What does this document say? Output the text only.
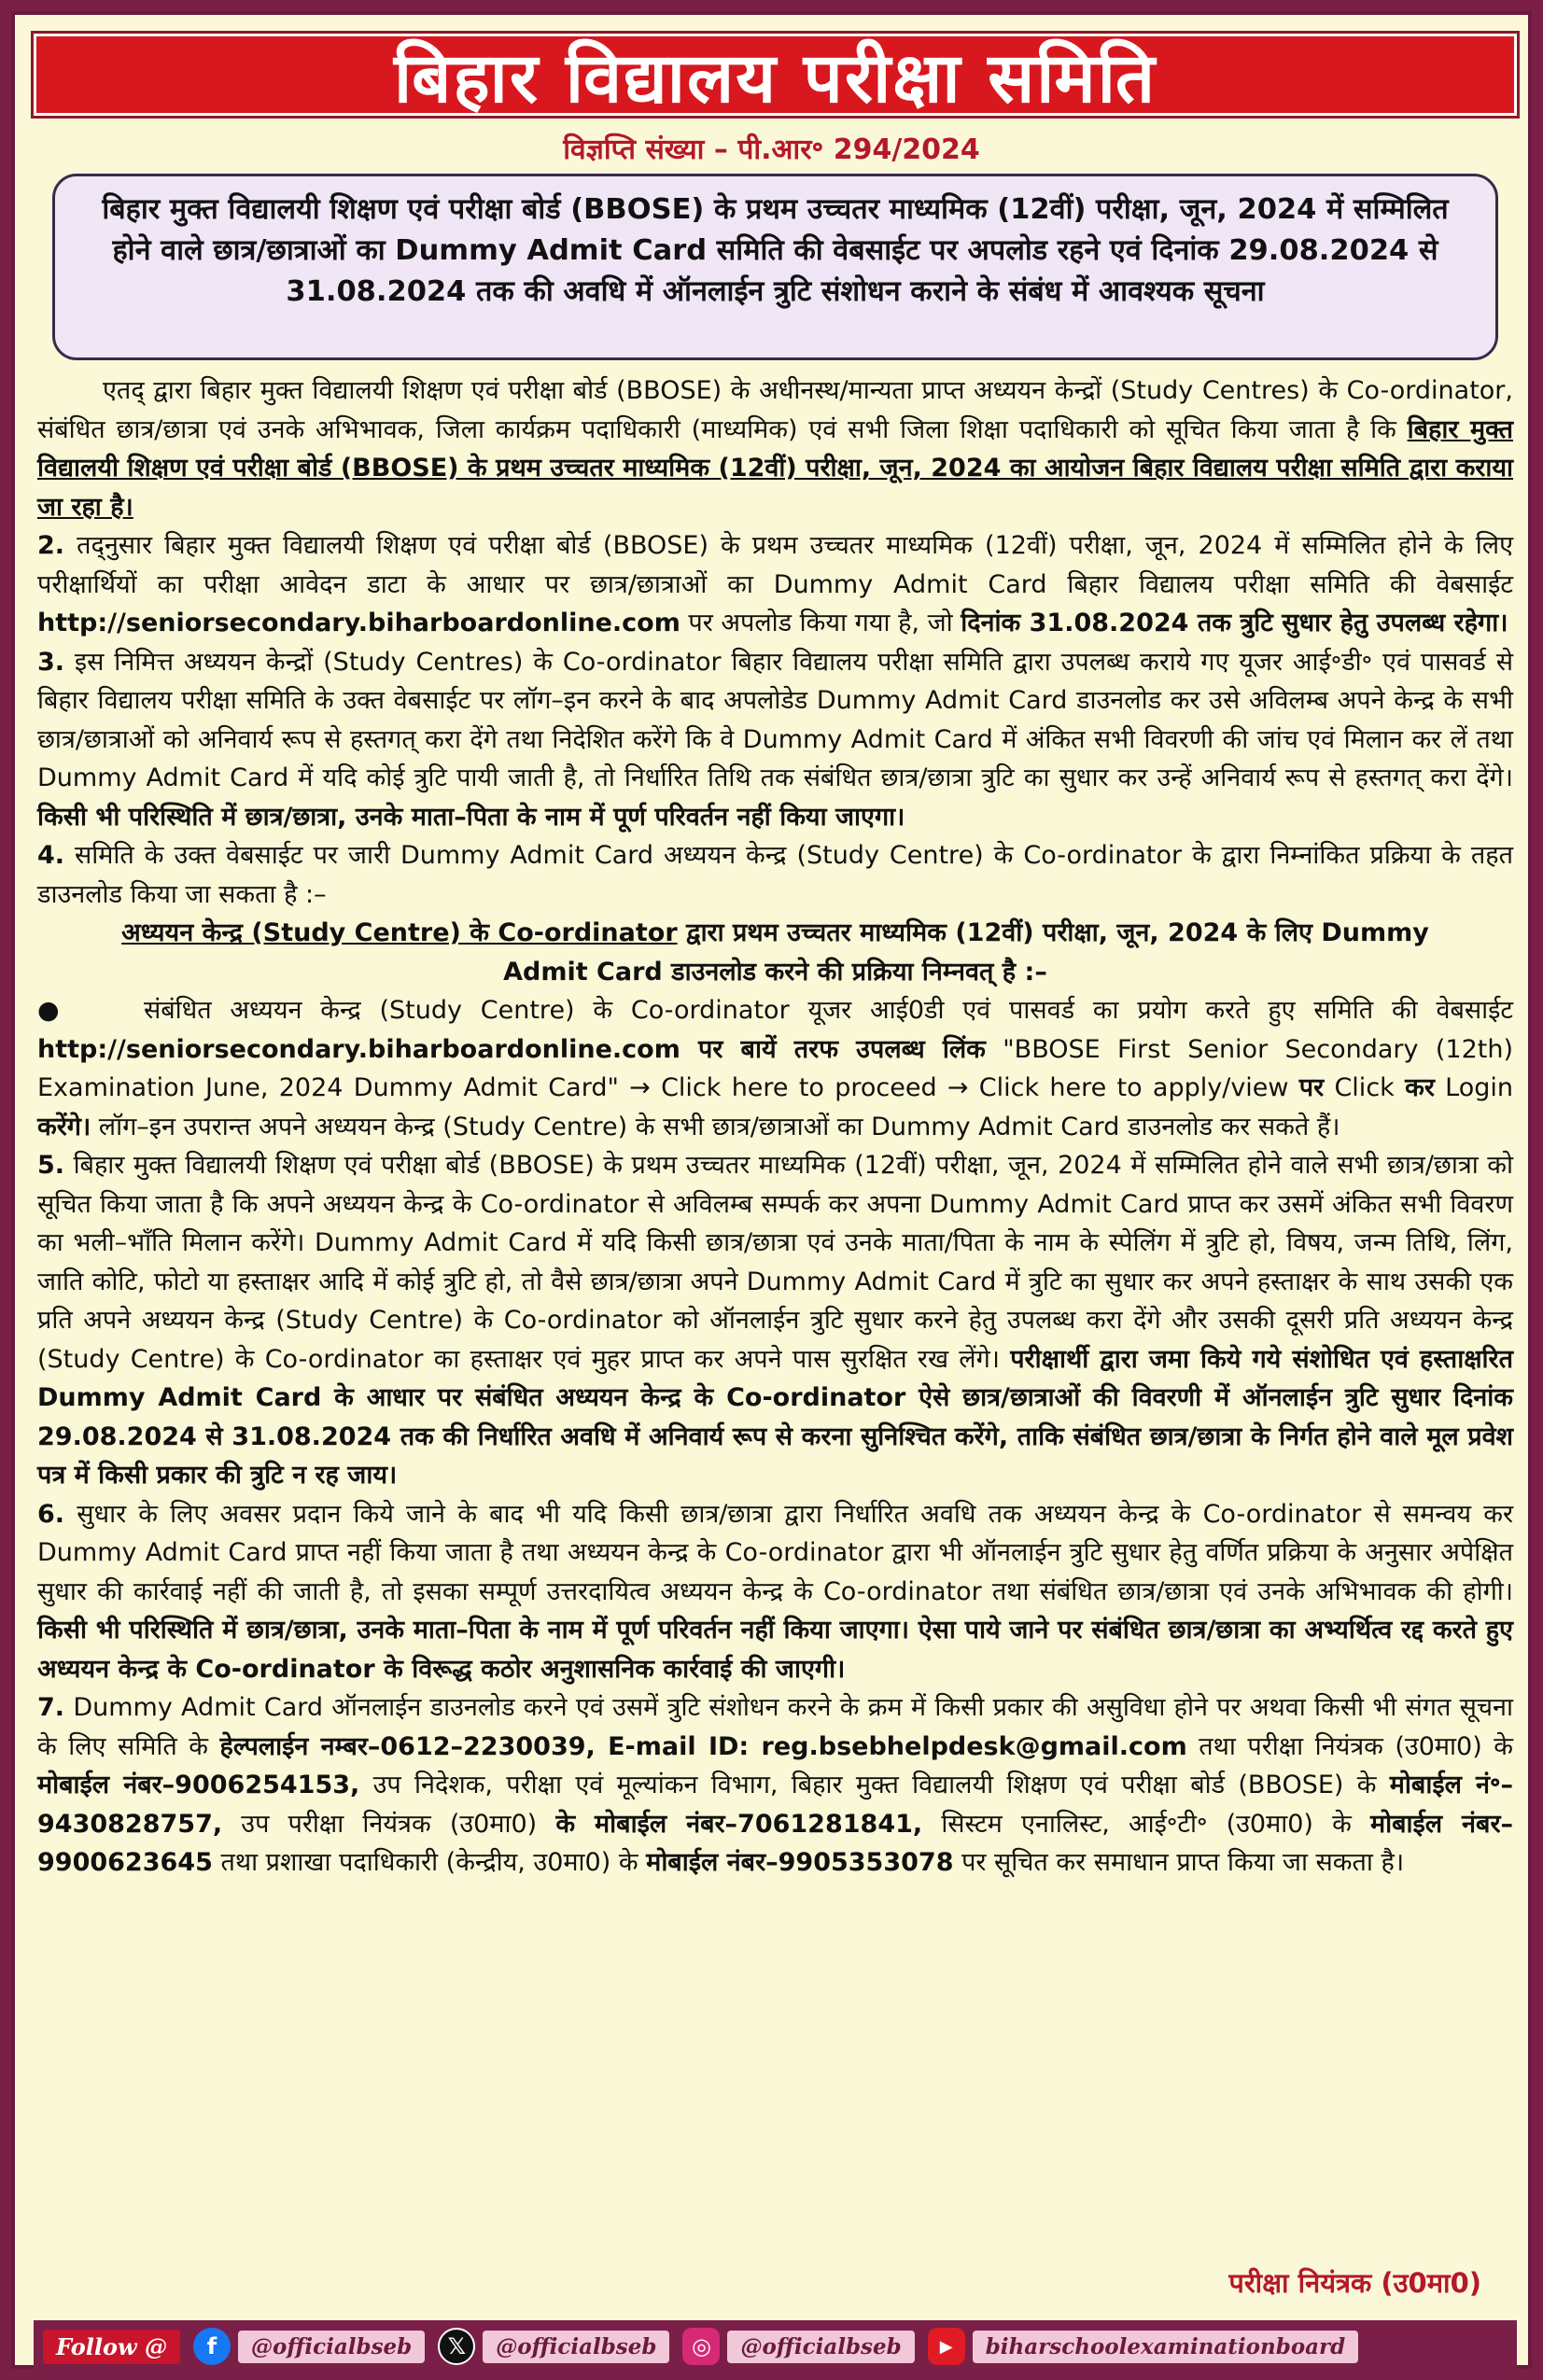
बिहार विद्यालय परीक्षा समिति
विज्ञप्ति संख्या – पी.आर॰ 294/2024
बिहार मुक्त विद्यालयी शिक्षण एवं परीक्षा बोर्ड (BBOSE) के प्रथम उच्चतर माध्यमिक (12वीं) परीक्षा, जून, 2024 में सम्मिलित होने वाले छात्र/छात्राओं का Dummy Admit Card समिति की वेबसाईट पर अपलोड रहने एवं दिनांक 29.08.2024 से 31.08.2024 तक की अवधि में ऑनलाईन त्रुटि संशोधन कराने के संबंध में आवश्यक सूचना

एतद् द्वारा बिहार मुक्त विद्यालयी शिक्षण एवं परीक्षा बोर्ड (BBOSE) के अधीनस्थ/मान्यता प्राप्त अध्ययन केन्द्रों (Study Centres) के Co-ordinator, संबंधित छात्र/छात्रा एवं उनके अभिभावक, जिला कार्यक्रम पदाधिकारी (माध्यमिक) एवं सभी जिला शिक्षा पदाधिकारी को सूचित किया जाता है कि बिहार मुक्त विद्यालयी शिक्षण एवं परीक्षा बोर्ड (BBOSE) के प्रथम उच्चतर माध्यमिक (12वीं) परीक्षा, जून, 2024 का आयोजन बिहार विद्यालय परीक्षा समिति द्वारा कराया जा रहा है।

2. तद्नुसार बिहार मुक्त विद्यालयी शिक्षण एवं परीक्षा बोर्ड (BBOSE) के प्रथम उच्चतर माध्यमिक (12वीं) परीक्षा, जून, 2024 में सम्मिलित होने के लिए परीक्षार्थियों का परीक्षा आवेदन डाटा के आधार पर छात्र/छात्राओं का Dummy Admit Card बिहार विद्यालय परीक्षा समिति की वेबसाईट http://seniorsecondary.biharboardonline.com पर अपलोड किया गया है, जो दिनांक 31.08.2024 तक त्रुटि सुधार हेतु उपलब्ध रहेगा।

3. इस निमित्त अध्ययन केन्द्रों (Study Centres) के Co-ordinator बिहार विद्यालय परीक्षा समिति द्वारा उपलब्ध कराये गए यूजर आई॰डी॰ एवं पासवर्ड से बिहार विद्यालय परीक्षा समिति के उक्त वेबसाईट पर लॉग–इन करने के बाद अपलोडेड Dummy Admit Card डाउनलोड कर उसे अविलम्ब अपने केन्द्र के सभी छात्र/छात्राओं को अनिवार्य रूप से हस्तगत् करा देंगे तथा निदेशित करेंगे कि वे Dummy Admit Card में अंकित सभी विवरणी की जांच एवं मिलान कर लें तथा Dummy Admit Card में यदि कोई त्रुटि पायी जाती है, तो निर्धारित तिथि तक संबंधित छात्र/छात्रा त्रुटि का सुधार कर उन्हें अनिवार्य रूप से हस्तगत् करा देंगे। किसी भी परिस्थिति में छात्र/छात्रा, उनके माता–पिता के नाम में पूर्ण परिवर्तन नहीं किया जाएगा।

4. समिति के उक्त वेबसाईट पर जारी Dummy Admit Card अध्ययन केन्द्र (Study Centre) के Co-ordinator के द्वारा निम्नांकित प्रक्रिया के तहत डाउनलोड किया जा सकता है :–

अध्ययन केन्द्र (Study Centre) के Co-ordinator द्वारा प्रथम उच्चतर माध्यमिक (12वीं) परीक्षा, जून, 2024 के लिए Dummy Admit Card डाउनलोड करने की प्रक्रिया निम्नवत् है :–

●    संबंधित अध्ययन केन्द्र (Study Centre) के Co-ordinator यूजर आई0डी एवं पासवर्ड का प्रयोग करते हुए समिति की वेबसाईट http://seniorsecondary.biharboardonline.com पर बायें तरफ उपलब्ध लिंक "BBOSE First Senior Secondary (12th) Examination June, 2024 Dummy Admit Card" → Click here to proceed → Click here to apply/view पर Click कर Login करेंगे। लॉग–इन उपरान्त अपने अध्ययन केन्द्र (Study Centre) के सभी छात्र/छात्राओं का Dummy Admit Card डाउनलोड कर सकते हैं।

5. बिहार मुक्त विद्यालयी शिक्षण एवं परीक्षा बोर्ड (BBOSE) के प्रथम उच्चतर माध्यमिक (12वीं) परीक्षा, जून, 2024 में सम्मिलित होने वाले सभी छात्र/छात्रा को सूचित किया जाता है कि अपने अध्ययन केन्द्र के Co-ordinator से अविलम्ब सम्पर्क कर अपना Dummy Admit Card प्राप्त कर उसमें अंकित सभी विवरण का भली–भाँति मिलान करेंगे। Dummy Admit Card में यदि किसी छात्र/छात्रा एवं उनके माता/पिता के नाम के स्पेलिंग में त्रुटि हो, विषय, जन्म तिथि, लिंग, जाति कोटि, फोटो या हस्ताक्षर आदि में कोई त्रुटि हो, तो वैसे छात्र/छात्रा अपने Dummy Admit Card में त्रुटि का सुधार कर अपने हस्ताक्षर के साथ उसकी एक प्रति अपने अध्ययन केन्द्र (Study Centre) के Co-ordinator को ऑनलाईन त्रुटि सुधार करने हेतु उपलब्ध करा देंगे और उसकी दूसरी प्रति अध्ययन केन्द्र (Study Centre) के Co-ordinator का हस्ताक्षर एवं मुहर प्राप्त कर अपने पास सुरक्षित रख लेंगे। परीक्षार्थी द्वारा जमा किये गये संशोधित एवं हस्ताक्षरित Dummy Admit Card के आधार पर संबंधित अध्ययन केन्द्र के Co-ordinator ऐसे छात्र/छात्राओं की विवरणी में ऑनलाईन त्रुटि सुधार दिनांक 29.08.2024 से 31.08.2024 तक की निर्धारित अवधि में अनिवार्य रूप से करना सुनिश्चित करेंगे, ताकि संबंधित छात्र/छात्रा के निर्गत होने वाले मूल प्रवेश पत्र में किसी प्रकार की त्रुटि न रह जाय।

6. सुधार के लिए अवसर प्रदान किये जाने के बाद भी यदि किसी छात्र/छात्रा द्वारा निर्धारित अवधि तक अध्ययन केन्द्र के Co-ordinator से समन्वय कर Dummy Admit Card प्राप्त नहीं किया जाता है तथा अध्ययन केन्द्र के Co-ordinator द्वारा भी ऑनलाईन त्रुटि सुधार हेतु वर्णित प्रक्रिया के अनुसार अपेक्षित सुधार की कार्रवाई नहीं की जाती है, तो इसका सम्पूर्ण उत्तरदायित्व अध्ययन केन्द्र के Co-ordinator तथा संबंधित छात्र/छात्रा एवं उनके अभिभावक की होगी। किसी भी परिस्थिति में छात्र/छात्रा, उनके माता–पिता के नाम में पूर्ण परिवर्तन नहीं किया जाएगा। ऐसा पाये जाने पर संबंधित छात्र/छात्रा का अभ्यर्थित्व रद्द करते हुए अध्ययन केन्द्र के Co-ordinator के विरूद्ध कठोर अनुशासनिक कार्रवाई की जाएगी।

7. Dummy Admit Card ऑनलाईन डाउनलोड करने एवं उसमें त्रुटि संशोधन करने के क्रम में किसी प्रकार की असुविधा होने पर अथवा किसी भी संगत सूचना के लिए समिति के हेल्पलाईन नम्बर–0612–2230039, E-mail ID: reg.bsebhelpdesk@gmail.com तथा परीक्षा नियंत्रक (उ0मा0) के मोबाईल नंबर–9006254153, उप निदेशक, परीक्षा एवं मूल्यांकन विभाग, बिहार मुक्त विद्यालयी शिक्षण एवं परीक्षा बोर्ड (BBOSE) के मोबाईल नं॰–9430828757, उप परीक्षा नियंत्रक (उ0मा0) के मोबाईल नंबर–7061281841, सिस्टम एनालिस्ट, आई॰टी॰ (उ0मा0) के मोबाईल नंबर–9900623645 तथा प्रशाखा पदाधिकारी (केन्द्रीय, उ0मा0) के मोबाईल नंबर–9905353078 पर सूचित कर समाधान प्राप्त किया जा सकता है।

परीक्षा नियंत्रक (उ0मा0)
Follow @	f	@officialbseb	𝕏	@officialbseb	◎	@officialbseb	▶	biharschoolexaminationboard
